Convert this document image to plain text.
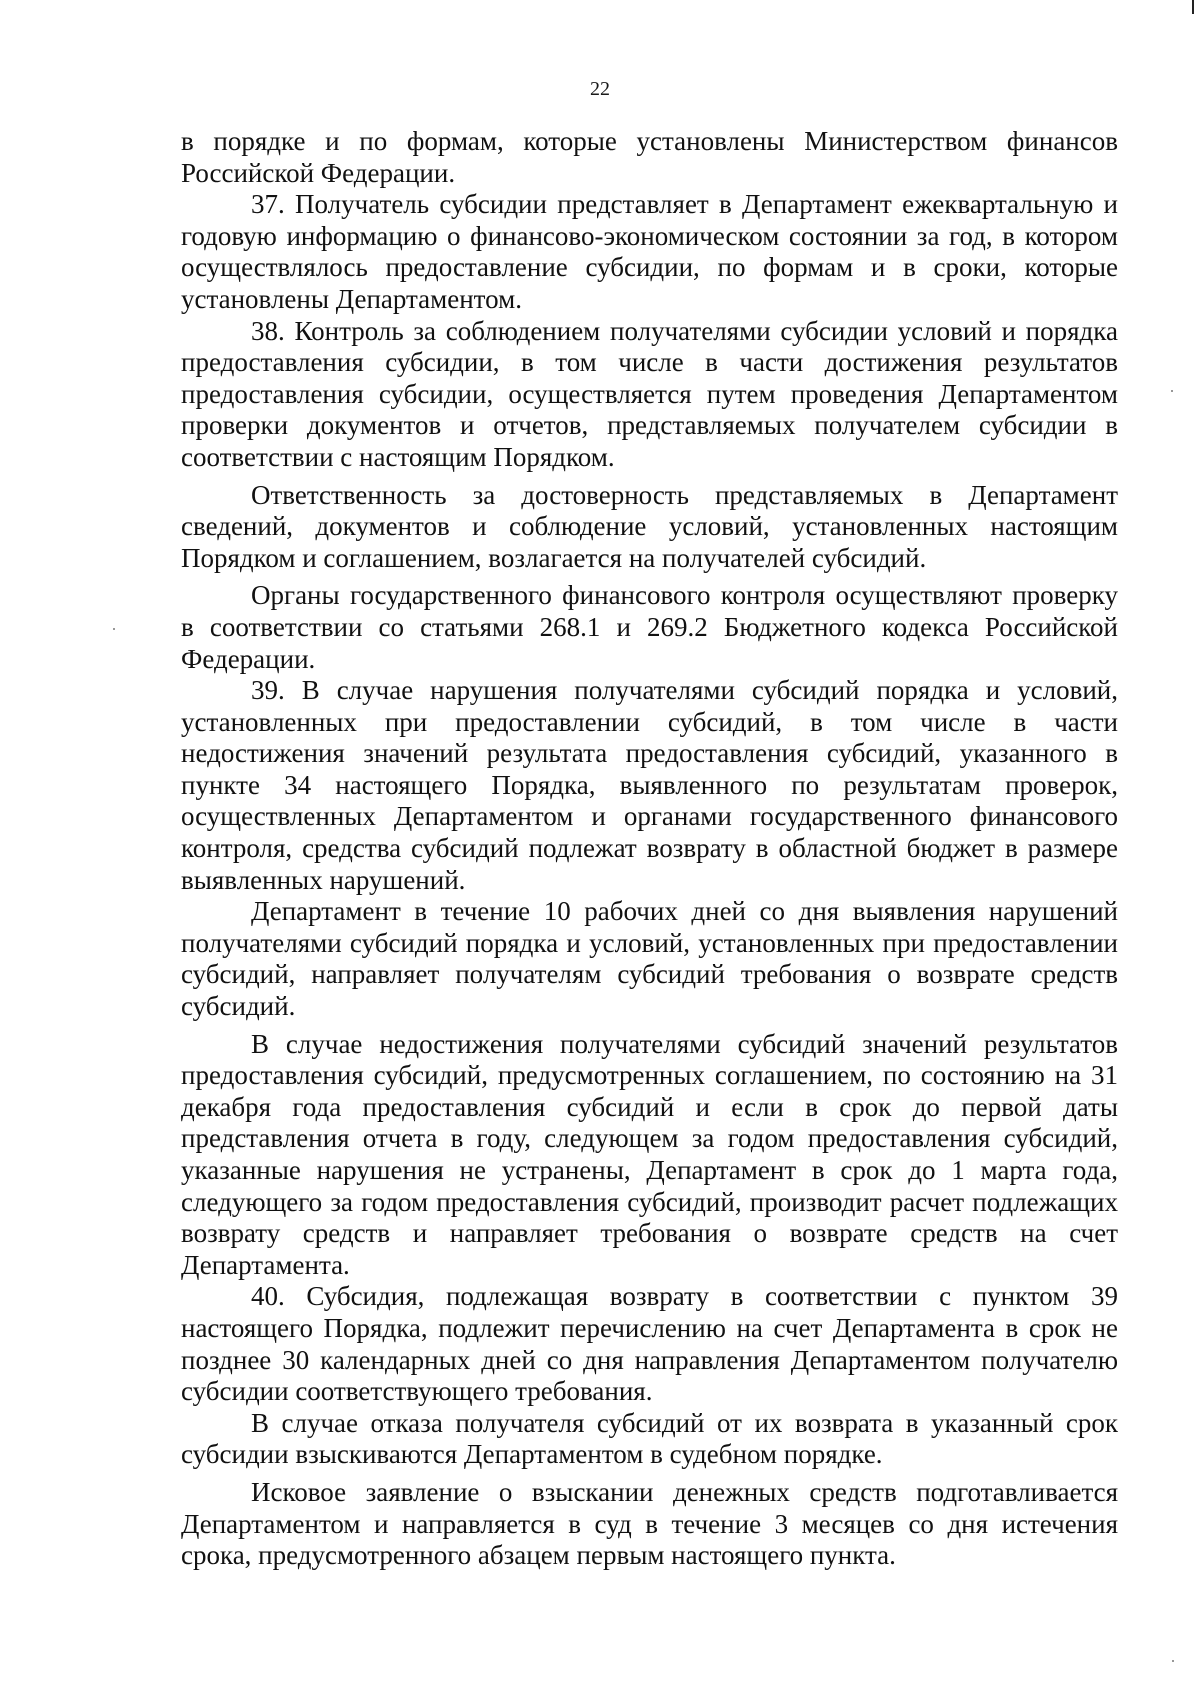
22

в порядке и по формам, которые установлены Министерством финансов Российской Федерации.

37. Получатель субсидии представляет в Департамент ежеквартальную и годовую информацию о финансово-экономическом состоянии за год, в котором осуществлялось предоставление субсидии, по формам и в сроки, которые установлены Департаментом.

38. Контроль за соблюдением получателями субсидии условий и порядка предоставления субсидии, в том числе в части достижения результатов предоставления субсидии, осуществляется путем проведения Департаментом проверки документов и отчетов, представляемых получателем субсидии в соответствии с настоящим Порядком.

Ответственность за достоверность представляемых в Департамент сведений, документов и соблюдение условий, установленных настоящим Порядком и соглашением, возлагается на получателей субсидий.

Органы государственного финансового контроля осуществляют проверку в соответствии со статьями 268.1 и 269.2 Бюджетного кодекса Российской Федерации.

39. В случае нарушения получателями субсидий порядка и условий, установленных при предоставлении субсидий, в том числе в части недостижения значений результата предоставления субсидий, указанного в пункте 34 настоящего Порядка, выявленного по результатам проверок, осуществленных Департаментом и органами государственного финансового контроля, средства субсидий подлежат возврату в областной бюджет в размере выявленных нарушений.

Департамент в течение 10 рабочих дней со дня выявления нарушений получателями субсидий порядка и условий, установленных при предоставлении субсидий, направляет получателям субсидий требования о возврате средств субсидий.

В случае недостижения получателями субсидий значений результатов предоставления субсидий, предусмотренных соглашением, по состоянию на 31 декабря года предоставления субсидий и если в срок до первой даты представления отчета в году, следующем за годом предоставления субсидий, указанные нарушения не устранены, Департамент в срок до 1 марта года, следующего за годом предоставления субсидий, производит расчет подлежащих возврату средств и направляет требования о возврате средств на счет Департамента.

40. Субсидия, подлежащая возврату в соответствии с пунктом 39 настоящего Порядка, подлежит перечислению на счет Департамента в срок не позднее 30 календарных дней со дня направления Департаментом получателю субсидии соответствующего требования.

В случае отказа получателя субсидий от их возврата в указанный срок субсидии взыскиваются Департаментом в судебном порядке.

Исковое заявление о взыскании денежных средств подготавливается Департаментом и направляется в суд в течение 3 месяцев со дня истечения срока, предусмотренного абзацем первым настоящего пункта.
